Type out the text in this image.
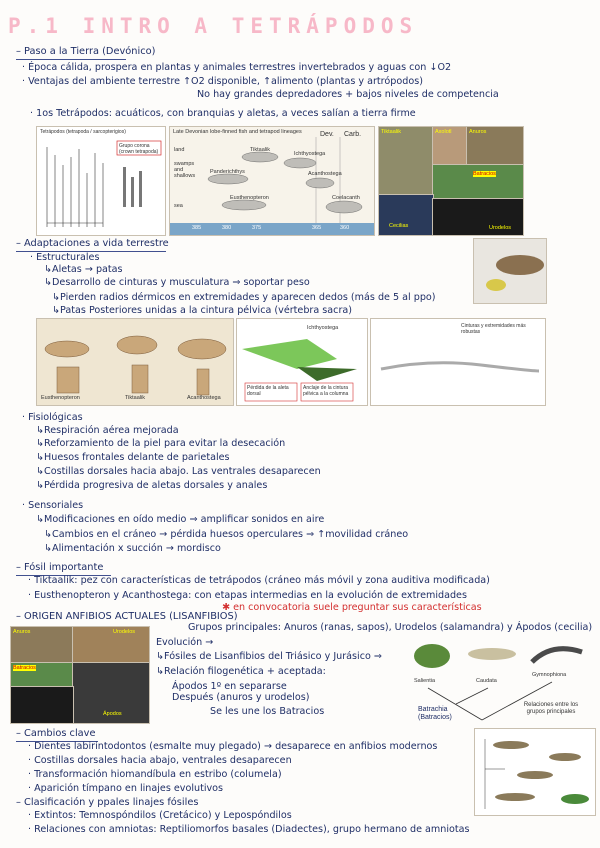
P.1 INTRO A TETRÁPODOS
– Paso a la Tierra (Devónico)
· Época cálida, prospera en plantas y animales terrestres invertebrados y aguas con ↓O2
· Ventajas del ambiente terrestre ↑O2 disponible, ↑alimento (plantas y artrópodos)
No hay grandes depredadores + bajos niveles de competencia
· 1os Tetrápodos: acuáticos, con branquias y aletas, a veces salían a tierra firme
Tetrápodos (tetrapoda / sarcopterigios)
Grupo corona (crown tetrapoda)
Late Devonian lobe-finned fish and tetrapod lineages	Dev. Carb.
land
swamps and shallows
sea
Tiktaalik
Ichthyostega
Panderichthys	Acanthostega
Eusthenopteron	Coelacanth
385	380	375	365	360
Tiktaalik	Axolotl	Anuros
Batracios
Cecilias	Urodelos
– Adaptaciones a vida terrestre
· Estructurales
↳Aletas → patas
↳Desarrollo de cinturas y musculatura ⇒ soportar peso
↳Pierden radios dérmicos en extremidades y aparecen dedos (más de 5 al ppo)
↳Patas Posteriores unidas a la cintura pélvica (vértebra sacra)
Eusthenopteron	Tiktaalik	Acanthostega
Ichthyostega
Pérdida de la aleta dorsal
Anclaje de la cintura pélvica a la columna
Cinturas y extremidades más robustas
· Fisiológicas
↳Respiración aérea mejorada
↳Reforzamiento de la piel para evitar la desecación
↳Huesos frontales delante de parietales
↳Costillas dorsales hacia abajo. Las ventrales desaparecen
↳Pérdida progresiva de aletas dorsales y anales
· Sensoriales
↳Modificaciones en oído medio ⇒ amplificar sonidos en aire
↳Cambios en el cráneo → pérdida huesos operculares ⇒ ↑movilidad cráneo
↳Alimentación x succión → mordisco
– Fósil importante
· Tiktaalik: pez con características de tetrápodos (cráneo más móvil y zona auditiva modificada)
· Eusthenopteron y Acanthostega: con etapas intermedias en la evolución de extremidades
✱ en convocatoria suele preguntar sus características
– ORIGEN ANFIBIOS ACTUALES (LISANFIBIOS)
Grupos principales: Anuros (ranas, sapos), Urodelos (salamandra) y Ápodos (cecilia)
Evolución →
↳Fósiles de Lisanfibios del Triásico y Jurásico ⇒
↳Relación filogenética + aceptada:
Ápodos 1º en separarse
Después (anuros y urodelos)
Se les une los Batracios
Anuros	Urodelos
Batracios
Ápodos
Salientia	Caudata
Gymnophiona
Batrachia (Batracios)
Relaciones entre los grupos principales
– Cambios clave
· Dientes labirintodontos (esmalte muy plegado) → desaparece en anfibios modernos
· Costillas dorsales hacia abajo, ventrales desaparecen
· Transformación hiomandíbula en estribo (columela)
· Aparición tímpano en linajes evolutivos
– Clasificación y ppales linajes fósiles
· Extintos: Temnospóndilos (Cretácico) y Lepospóndilos
· Relaciones con amniotas: Reptiliomorfos basales (Diadectes), grupo hermano de amniotas
